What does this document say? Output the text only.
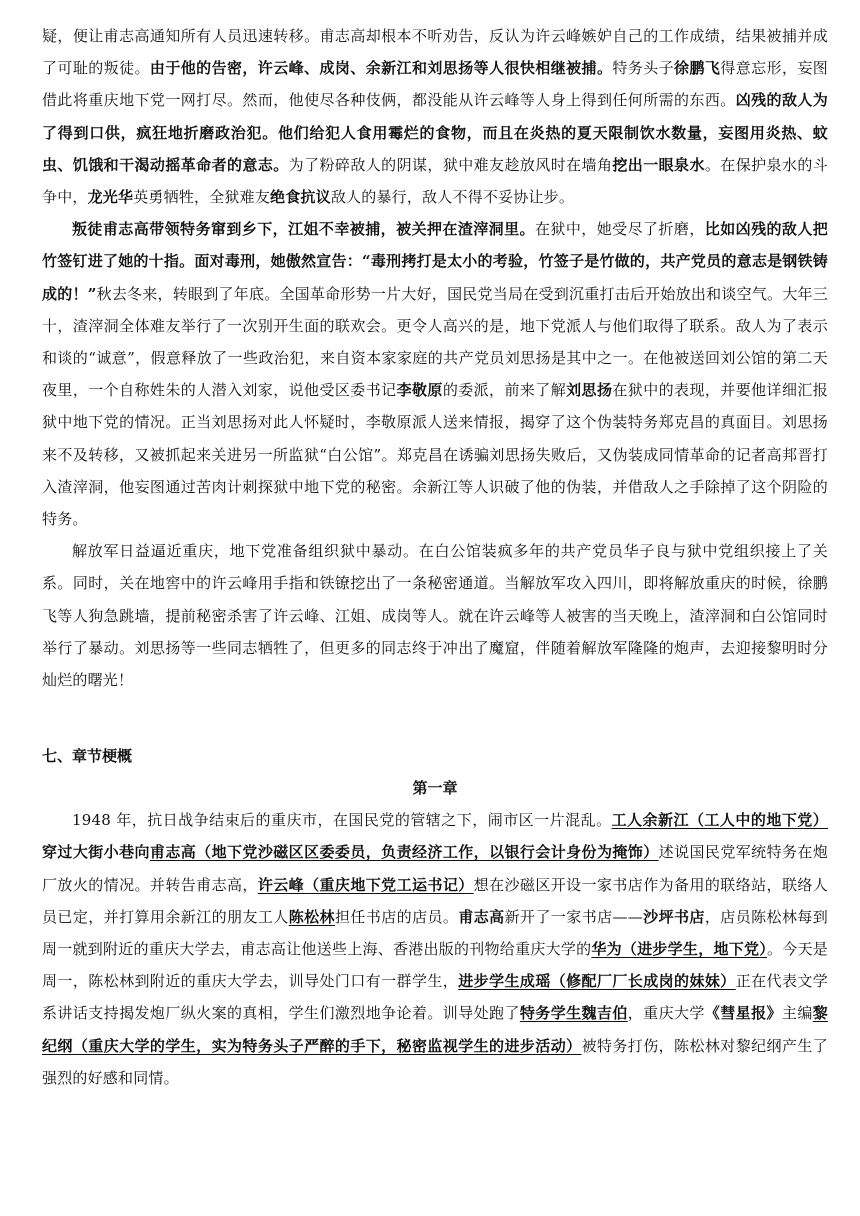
疑，便让甫志高通知所有人员迅速转移。甫志高却根本不听劝告，反认为许云峰嫉妒自己的工作成绩，结果被捕并成了可耻的叛徒。由于他的告密，许云峰、成岗、余新江和刘思扬等人很快相继被捕。特务头子徐鹏飞得意忘形，妄图借此将重庆地下党一网打尽。然而，他使尽各种伎俩，都没能从许云峰等人身上得到任何所需的东西。凶残的敌人为了得到口供，疯狂地折磨政治犯。他们给犯人食用霉烂的食物，而且在炎热的夏天限制饮水数量，妄图用炎热、蚊虫、饥饿和干渴动摇革命者的意志。为了粉碎敌人的阴谋，狱中难友趁放风时在墙角挖出一眼泉水。在保护泉水的斗争中，龙光华英勇牺牲，全狱难友绝食抗议敌人的暴行，敌人不得不妥协让步。

叛徒甫志高带领特务窜到乡下，江姐不幸被捕，被关押在渣滓洞里。在狱中，她受尽了折磨，比如凶残的敌人把竹签钉进了她的十指。面对毒刑，她傲然宣告：“毒刑拷打是太小的考验，竹签子是竹做的，共产党员的意志是钢铁铸成的！”秋去冬来，转眼到了年底。全国革命形势一片大好，国民党当局在受到沉重打击后开始放出和谈空气。大年三十，渣滓洞全体难友举行了一次别开生面的联欢会。更令人高兴的是，地下党派人与他们取得了联系。敌人为了表示和谈的“诚意”，假意释放了一些政治犯，来自资本家家庭的共产党员刘思扬是其中之一。在他被送回刘公馆的第二天夜里，一个自称姓朱的人潜入刘家，说他受区委书记李敬原的委派，前来了解刘思扬在狱中的表现，并要他详细汇报狱中地下党的情况。正当刘思扬对此人怀疑时，李敬原派人送来情报，揭穿了这个伪装特务郑克昌的真面目。刘思扬来不及转移，又被抓起来关进另一所监狱“白公馆”。郑克昌在诱骗刘思扬失败后，又伪装成同情革命的记者高邦晋打入渣滓洞，他妄图通过苦肉计刺探狱中地下党的秘密。余新江等人识破了他的伪装，并借敌人之手除掉了这个阴险的特务。

解放军日益逼近重庆，地下党准备组织狱中暴动。在白公馆装疯多年的共产党员华子良与狱中党组织接上了关系。同时，关在地窖中的许云峰用手指和铁镣挖出了一条秘密通道。当解放军攻入四川，即将解放重庆的时候，徐鹏飞等人狗急跳墙，提前秘密杀害了许云峰、江姐、成岗等人。就在许云峰等人被害的当天晚上，渣滓洞和白公馆同时举行了暴动。刘思扬等一些同志牺牲了，但更多的同志终于冲出了魔窟，伴随着解放军隆隆的炮声，去迎接黎明时分灿烂的曙光！

七、章节梗概
第一章

1948 年，抗日战争结束后的重庆市，在国民党的管辖之下，闹市区一片混乱。工人余新江（工人中的地下党）穿过大街小巷向甫志高（地下党沙磁区区委委员，负责经济工作，以银行会计身份为掩饰）述说国民党军统特务在炮厂放火的情况。并转告甫志高，许云峰（重庆地下党工运书记）想在沙磁区开设一家书店作为备用的联络站，联络人员已定，并打算用余新江的朋友工人陈松林担任书店的店员。甫志高新开了一家书店——沙坪书店，店员陈松林每到周一就到附近的重庆大学去，甫志高让他送些上海、香港出版的刊物给重庆大学的华为（进步学生，地下党）。今天是周一，陈松林到附近的重庆大学去，训导处门口有一群学生，进步学生成瑶（修配厂厂长成岗的妹妹）正在代表文学系讲话支持揭发炮厂纵火案的真相，学生们激烈地争论着。训导处跑了特务学生魏吉伯，重庆大学《彗星报》主编黎纪纲（重庆大学的学生，实为特务头子严醉的手下，秘密监视学生的进步活动）被特务打伤，陈松林对黎纪纲产生了强烈的好感和同情。
